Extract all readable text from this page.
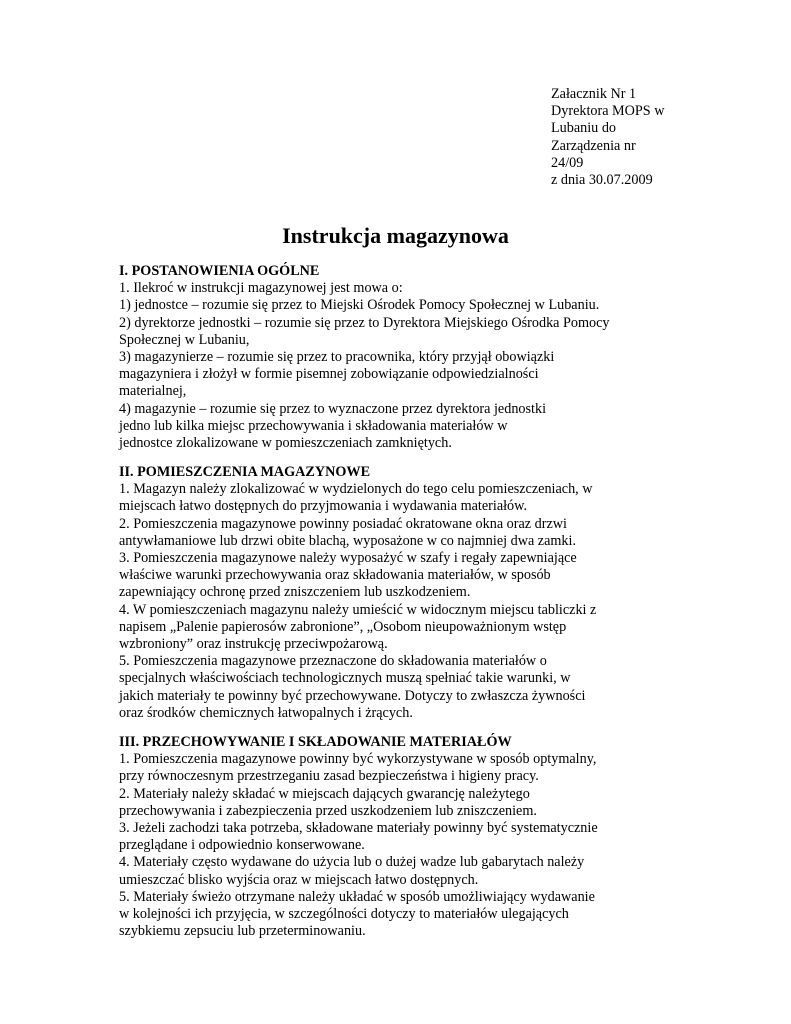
Załacznik Nr 1
Dyrektora MOPS w
Lubaniu do
Zarządzenia nr
24/09
z dnia 30.07.2009
Instrukcja magazynowa
I. POSTANOWIENIA OGÓLNE
1. Ilekroć w instrukcji magazynowej jest mowa o:
1) jednostce – rozumie się przez to Miejski Ośrodek Pomocy Społecznej w Lubaniu.
2) dyrektorze jednostki – rozumie się przez to Dyrektora Miejskiego Ośrodka Pomocy
Społecznej w Lubaniu,
3) magazynierze – rozumie się przez to pracownika, który przyjął obowiązki
magazyniera i złożył w formie pisemnej zobowiązanie odpowiedzialności
materialnej,
4) magazynie – rozumie się przez to wyznaczone przez dyrektora jednostki
jedno lub kilka miejsc przechowywania i składowania materiałów w
jednostce zlokalizowane w pomieszczeniach zamkniętych.
II. POMIESZCZENIA MAGAZYNOWE
1. Magazyn należy zlokalizować w wydzielonych do tego celu pomieszczeniach, w
miejscach łatwo dostępnych do przyjmowania i wydawania materiałów.
2. Pomieszczenia magazynowe powinny posiadać okratowane okna oraz drzwi
antywłamaniowe lub drzwi obite blachą, wyposażone w co najmniej dwa zamki.
3. Pomieszczenia magazynowe należy wyposażyć w szafy i regały zapewniające
właściwe warunki przechowywania oraz składowania materiałów, w sposób
zapewniający ochronę przed zniszczeniem lub uszkodzeniem.
4. W pomieszczeniach magazynu należy umieścić w widocznym miejscu tabliczki z
napisem „Palenie papierosów zabronione”, „Osobom nieupoważnionym wstęp
wzbroniony” oraz instrukcję przeciwpożarową.
5. Pomieszczenia magazynowe przeznaczone do składowania materiałów o
specjalnych właściwościach technologicznych muszą spełniać takie warunki, w
jakich materiały te powinny być przechowywane. Dotyczy to zwłaszcza żywności
oraz środków chemicznych łatwopalnych i żrących.
III. PRZECHOWYWANIE I SKŁADOWANIE MATERIAŁÓW
1. Pomieszczenia magazynowe powinny być wykorzystywane w sposób optymalny,
przy równoczesnym przestrzeganiu zasad bezpieczeństwa i higieny pracy.
2. Materiały należy składać w miejscach dających gwarancję należytego
przechowywania i zabezpieczenia przed uszkodzeniem lub zniszczeniem.
3. Jeżeli zachodzi taka potrzeba, składowane materiały powinny być systematycznie
przeglądane i odpowiednio konserwowane.
4. Materiały często wydawane do użycia lub o dużej wadze lub gabarytach należy
umieszczać blisko wyjścia oraz w miejscach łatwo dostępnych.
5. Materiały świeżo otrzymane należy układać w sposób umożliwiający wydawanie
w kolejności ich przyjęcia, w szczególności dotyczy to materiałów ulegających
szybkiemu zepsuciu lub przeterminowaniu.
